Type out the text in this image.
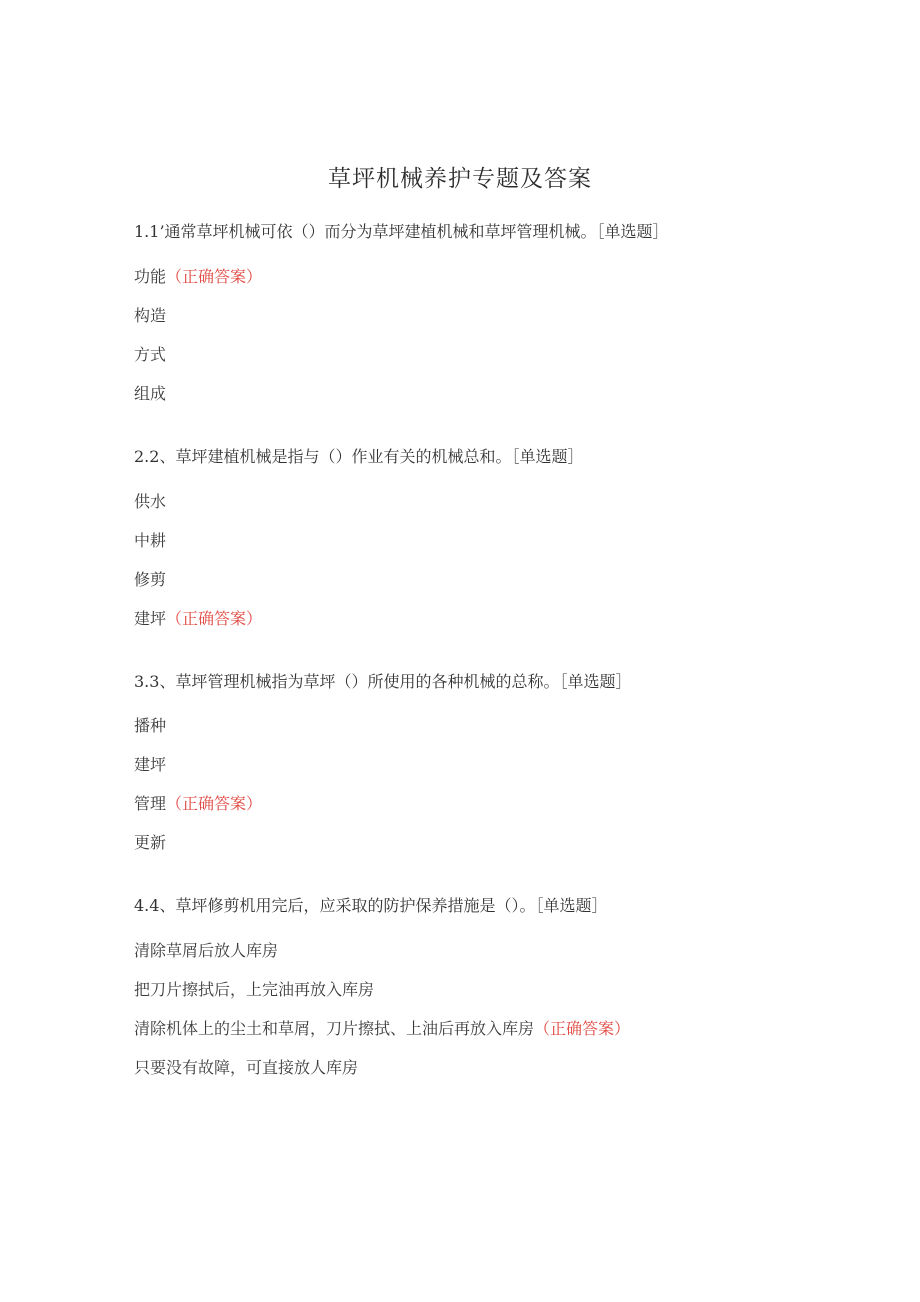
草坪机械养护专题及答案
1.1’通常草坪机械可依（）而分为草坪建植机械和草坪管理机械。［单选题］
功能（正确答案）
构造
方式
组成
2.2、草坪建植机械是指与（）作业有关的机械总和。［单选题］
供水
中耕
修剪
建坪（正确答案）
3.3、草坪管理机械指为草坪（）所使用的各种机械的总称。［单选题］
播种
建坪
管理（正确答案）
更新
4.4、草坪修剪机用完后，应采取的防护保养措施是（）。［单选题］
清除草屑后放人库房
把刀片擦拭后，上完油再放入库房
清除机体上的尘土和草屑，刀片擦拭、上油后再放入库房（正确答案）
只要没有故障，可直接放人库房
